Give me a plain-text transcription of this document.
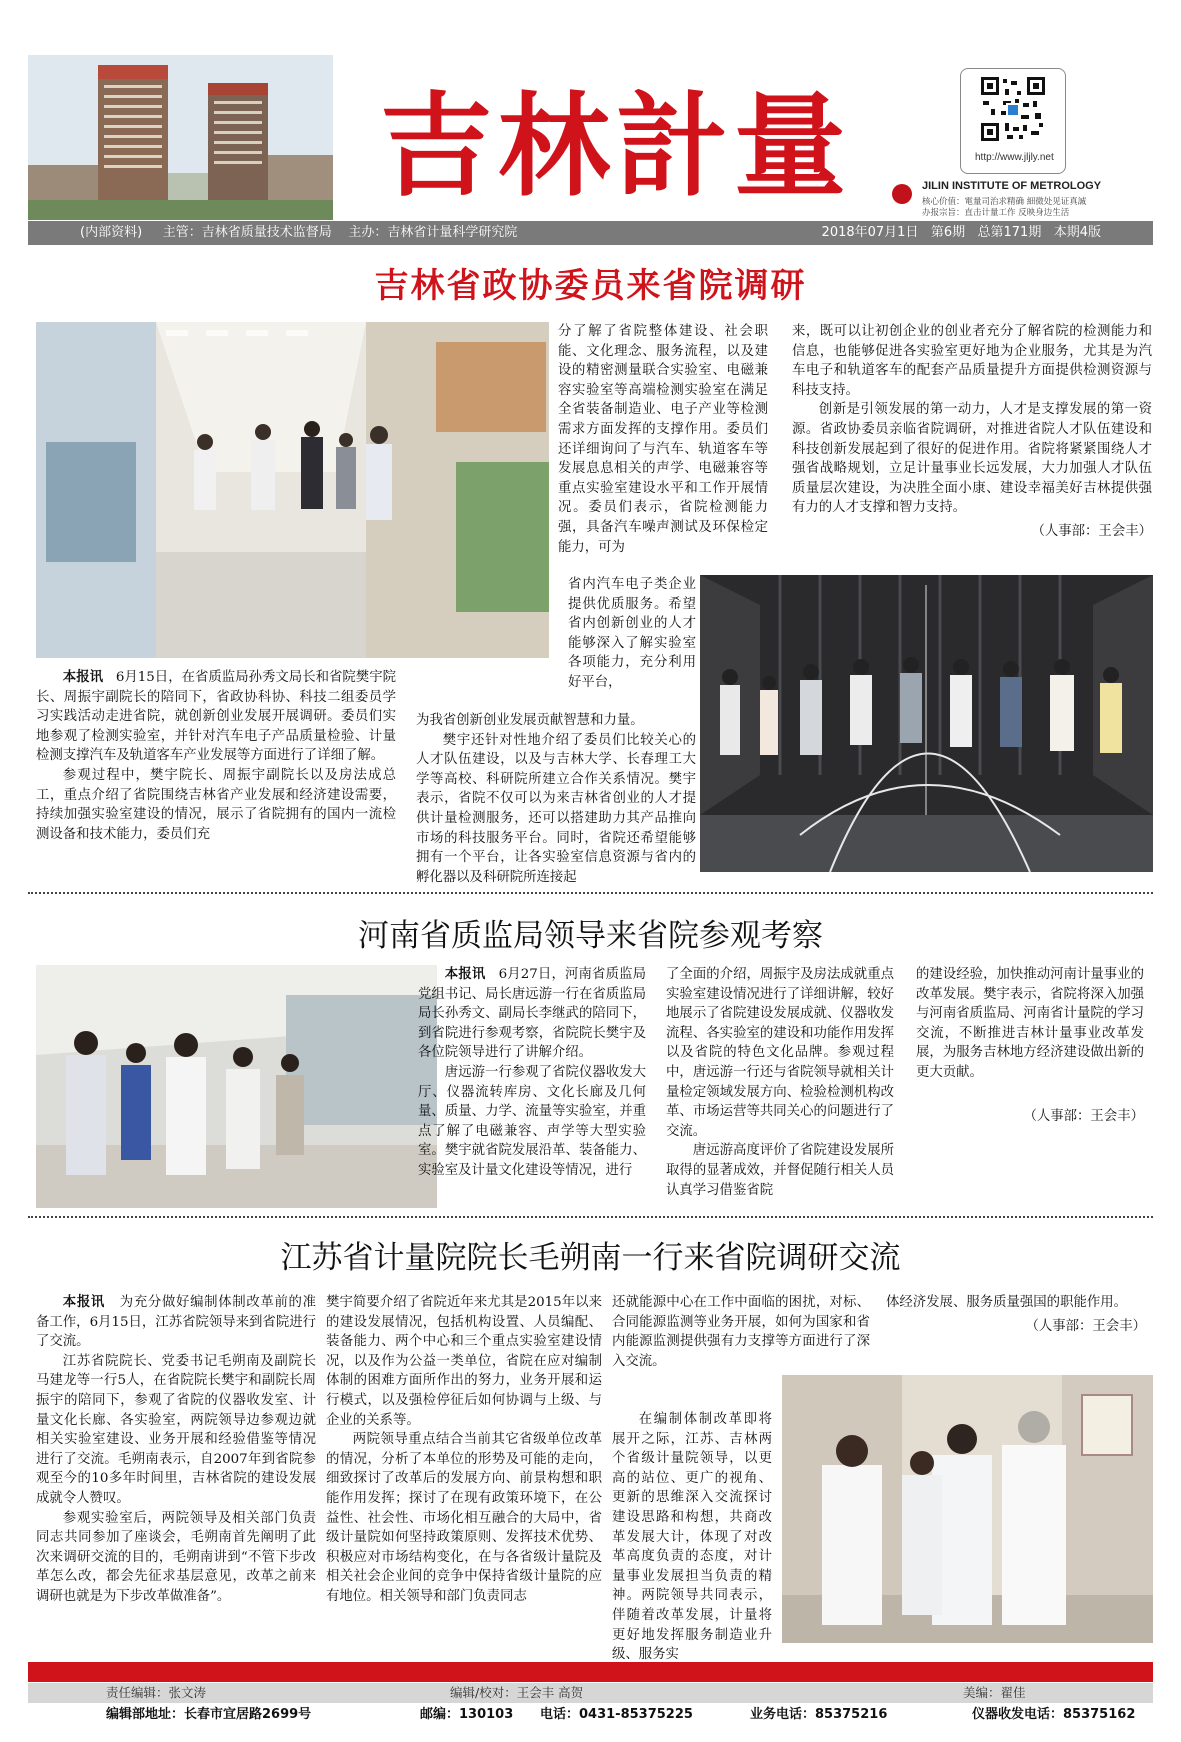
吉林計量	http://www.jljly.net
JILIN INSTITUTE OF METROLOGY
核心价值：電量司治求精确 細微处见证真誠
办报宗旨：直击计量工作 反映身边生活
(内部资料)     主管：吉林省质量技术监督局    主办：吉林省计量科学研究院	2018年07月1日   第6期   总第171期   本期4版
吉林省政协委员来省院调研

本报讯 6月15日，在省质监局孙秀文局长和省院樊宇院长、周振宇副院长的陪同下，省政协科协、科技二组委员学习实践活动走进省院，就创新创业发展开展调研。委员们实地参观了检测实验室，并针对汽车电子产品质量检验、计量检测支撑汽车及轨道客车产业发展等方面进行了详细了解。

参观过程中，樊宇院长、周振宇副院长以及房法成总工，重点介绍了省院围绕吉林省产业发展和经济建设需要，持续加强实验室建设的情况，展示了省院拥有的国内一流检测设备和技术能力，委员们充

分了解了省院整体建设、社会职能、文化理念、服务流程，以及建设的精密测量联合实验室、电磁兼容实验室等高端检测实验室在满足全省装备制造业、电子产业等检测需求方面发挥的支撑作用。委员们还详细询问了与汽车、轨道客车等发展息息相关的声学、电磁兼容等重点实验室建设水平和工作开展情况。委员们表示，省院检测能力强，具备汽车噪声测试及环保检定能力，可为

省内汽车电子类企业提供优质服务。希望省内创新创业的人才能够深入了解实验室各项能力，充分利用好平台，

为我省创新创业发展贡献智慧和力量。

樊宇还针对性地介绍了委员们比较关心的人才队伍建设，以及与吉林大学、长春理工大学等高校、科研院所建立合作关系情况。樊宇表示，省院不仅可以为来吉林省创业的人才提供计量检测服务，还可以搭建助力其产品推向市场的科技服务平台。同时，省院还希望能够拥有一个平台，让各实验室信息资源与省内的孵化器以及科研院所连接起

来，既可以让初创企业的创业者充分了解省院的检测能力和信息，也能够促进各实验室更好地为企业服务，尤其是为汽车电子和轨道客车的配套产品质量提升方面提供检测资源与科技支持。

创新是引领发展的第一动力，人才是支撑发展的第一资源。省政协委员亲临省院调研，对推进省院人才队伍建设和科技创新发展起到了很好的促进作用。省院将紧紧围绕人才强省战略规划，立足计量事业长远发展，大力加强人才队伍质量层次建设，为决胜全面小康、建设幸福美好吉林提供强有力的人才支撑和智力支持。

（人事部：王会丰）

河南省质监局领导来省院参观考察

本报讯 6月27日，河南省质监局党组书记、局长唐远游一行在省质监局局长孙秀文、副局长李继武的陪同下，到省院进行参观考察，省院院长樊宇及各位院领导进行了讲解介绍。

唐远游一行参观了省院仪器收发大厅、仪器流转库房、文化长廊及几何量、质量、力学、流量等实验室，并重点了解了电磁兼容、声学等大型实验室。樊宇就省院发展沿革、装备能力、实验室及计量文化建设等情况，进行

了全面的介绍，周振宇及房法成就重点实验室建设情况进行了详细讲解，较好地展示了省院建设发展成就、仪器收发流程、各实验室的建设和功能作用发挥以及省院的特色文化品牌。参观过程中，唐远游一行还与省院领导就相关计量检定领域发展方向、检验检测机构改革、市场运营等共同关心的问题进行了交流。

唐远游高度评价了省院建设发展所取得的显著成效，并督促随行相关人员认真学习借鉴省院

的建设经验，加快推动河南计量事业的改革发展。樊宇表示，省院将深入加强与河南省质监局、河南省计量院的学习交流，不断推进吉林计量事业改革发展，为服务吉林地方经济建设做出新的更大贡献。

（人事部：王会丰）

江苏省计量院院长毛朔南一行来省院调研交流

本报讯 为充分做好编制体制改革前的准备工作，6月15日，江苏省院领导来到省院进行了交流。

江苏省院院长、党委书记毛朔南及副院长马建龙等一行5人，在省院院长樊宇和副院长周振宇的陪同下，参观了省院的仪器收发室、计量文化长廊、各实验室，两院领导边参观边就相关实验室建设、业务开展和经验借鉴等情况进行了交流。毛朔南表示，自2007年到省院参观至今的10多年时间里，吉林省院的建设发展成就令人赞叹。

参观实验室后，两院领导及相关部门负责同志共同参加了座谈会，毛朔南首先阐明了此次来调研交流的目的，毛朔南讲到“不管下步改革怎么改，都会先征求基层意见，改革之前来调研也就是为下步改革做准备”。

樊宇简要介绍了省院近年来尤其是2015年以来的建设发展情况，包括机构设置、人员编配、装备能力、两个中心和三个重点实验室建设情况，以及作为公益一类单位，省院在应对编制体制的困难方面所作出的努力，业务开展和运行模式，以及强检停征后如何协调与上级、与企业的关系等。

两院领导重点结合当前其它省级单位改革的情况，分析了本单位的形势及可能的走向，细致探讨了改革后的发展方向、前景构想和职能作用发挥；探讨了在现有政策环境下，在公益性、社会性、市场化相互融合的大局中，省级计量院如何坚持政策原则、发挥技术优势、积极应对市场结构变化，在与各省级计量院及相关社会企业间的竞争中保持省级计量院的应有地位。相关领导和部门负责同志

还就能源中心在工作中面临的困扰，对标、合同能源监测等业务开展，如何为国家和省内能源监测提供强有力支撑等方面进行了深入交流。

在编制体制改革即将展开之际，江苏、吉林两个省级计量院领导，以更高的站位、更广的视角、更新的思维深入交流探讨建设思路和构想，共商改革发展大计，体现了对改革高度负责的态度，对计量事业发展担当负责的精神。两院领导共同表示，伴随着改革发展，计量将更好地发挥服务制造业升级、服务实

体经济发展、服务质量强国的职能作用。

（人事部：王会丰）

责任编辑：张文涛	编辑/校对：王会丰 高贺	美编：翟佳
编辑部地址：长春市宜居路2699号	邮编：130103 电话：0431-85375225	业务电话：85375216	仪器收发电话：85375162
